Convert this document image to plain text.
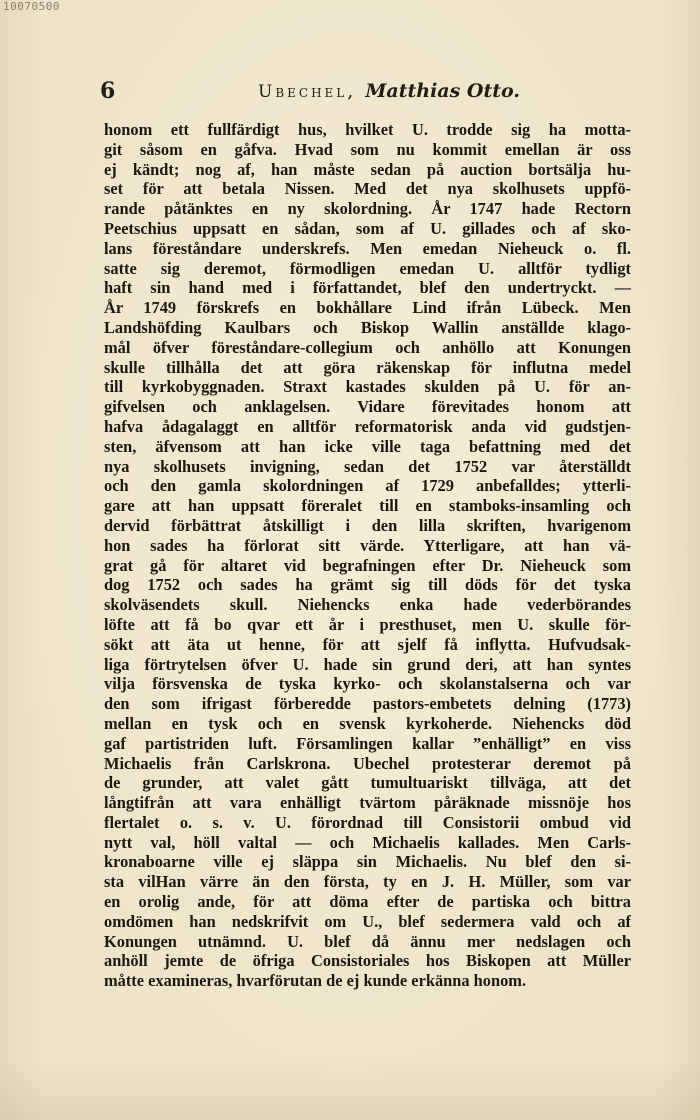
10070500
6	Ubechel, Matthias Otto.
honom ett fullfärdigt hus, hvilket U. trodde sig ha motta-
git såsom en gåfva. Hvad som nu kommit emellan är oss
ej kändt; nog af, han måste sedan på auction bortsälja hu-
set för att betala Nissen. Med det nya skolhusets uppfö-
rande påtänktes en ny skolordning. År 1747 hade Rectorn
Peetschius uppsatt en sådan, som af U. gillades och af sko-
lans föreståndare underskrefs. Men emedan Nieheuck o. fl.
satte sig deremot, förmodligen emedan U. alltför tydligt
haft sin hand med i författandet, blef den undertryckt. —
År 1749 förskrefs en bokhållare Lind ifrån Lübeck. Men
Landshöfding Kaulbars och Biskop Wallin anställde klago-
mål öfver föreståndare-collegium och anhöllo att Konungen
skulle tillhålla det att göra räkenskap för influtna medel
till kyrkobyggnaden. Straxt kastades skulden på U. för an-
gifvelsen och anklagelsen. Vidare förevitades honom att
hafva ådagalaggt en alltför reformatorisk anda vid gudstjen-
sten, äfvensom att han icke ville taga befattning med det
nya skolhusets invigning, sedan det 1752 var återställdt
och den gamla skolordningen af 1729 anbefalldes; ytterli-
gare att han uppsatt föreralet till en stamboks-insamling och
dervid förbättrat åtskilligt i den lilla skriften, hvarigenom
hon sades ha förlorat sitt värde. Ytterligare, att han vä-
grat gå för altaret vid begrafningen efter Dr. Nieheuck som
dog 1752 och sades ha grämt sig till döds för det tyska
skolväsendets skull. Niehencks enka hade vederbörandes
löfte att få bo qvar ett år i presthuset, men U. skulle för-
sökt att äta ut henne, för att sjelf få inflytta. Hufvudsak-
liga förtrytelsen öfver U. hade sin grund deri, att han syntes
vilja försvenska de tyska kyrko- och skolanstalserna och var
den som ifrigast förberedde pastors-embetets delning (1773)
mellan en tysk och en svensk kyrkoherde. Niehencks död
gaf partistriden luft. Församlingen kallar ”enhälligt” en viss
Michaelis från Carlskrona. Ubechel protesterar deremot på
de grunder, att valet gått tumultuariskt tillväga, att det
långtifrån att vara enhälligt tvärtom påräknade missnöje hos
flertalet o. s. v. U. förordnad till Consistorii ombud vid
nytt val, höll valtal — och Michaelis kallades. Men Carls-
kronaboarne ville ej släppa sin Michaelis. Nu blef den si-
sta vilHan värre än den första, ty en J. H. Müller, som var
en orolig ande, för att döma efter de partiska och bittra
omdömen han nedskrifvit om U., blef sedermera vald och af
Konungen utnämnd. U. blef då ännu mer nedslagen och
anhöll jemte de öfriga Consistoriales hos Biskopen att Müller
måtte examineras, hvarförutan de ej kunde erkänna honom.
